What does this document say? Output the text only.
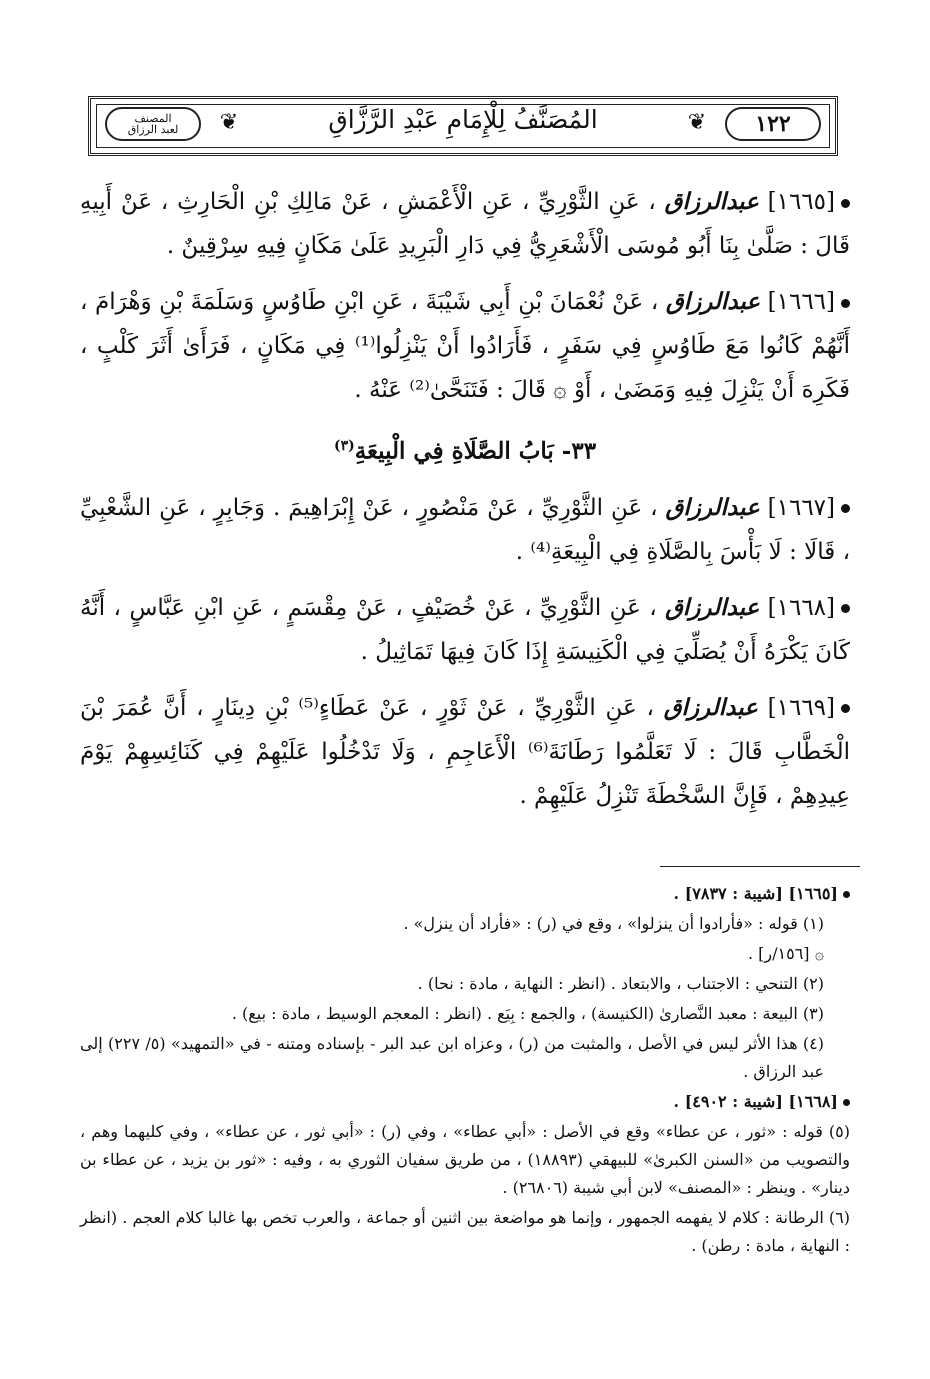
١٢٢
❦
المُصَنَّفُ لِلْإِمَامِ عَبْدِ الرَّزَّاقِ
❦
المصنف
لعبد الرزاق

[١٦٦٥] عبدالرزاق ، عَنِ الثَّوْرِيِّ ، عَنِ الْأَعْمَشِ ، عَنْ مَالِكِ بْنِ الْحَارِثِ ، عَنْ أَبِيهِ قَالَ : صَلَّىٰ بِنَا أَبُو مُوسَى الْأَشْعَرِيُّ فِي دَارِ الْبَرِيدِ عَلَىٰ مَكَانٍ فِيهِ سِرْقِينٌ .

[١٦٦٦] عبدالرزاق ، عَنْ نُعْمَانَ بْنِ أَبِي شَيْبَةَ ، عَنِ ابْنِ طَاوُسٍ وَسَلَمَةَ بْنِ وَهْرَامَ ، أَنَّهُمْ كَانُوا مَعَ طَاوُسٍ فِي سَفَرٍ ، فَأَرَادُوا أَنْ يَنْزِلُوا⁽¹⁾ فِي مَكَانٍ ، فَرَأَىٰ أَثَرَ كَلْبٍ ، فَكَرِهَ أَنْ يَنْزِلَ فِيهِ وَمَضَىٰ ، أَوْ ۞ قَالَ : فَتَنَحَّىٰ⁽²⁾ عَنْهُ .

٣٣- بَابُ الصَّلَاةِ فِي الْبِيعَةِ$^{(٣)}$

[١٦٦٧] عبدالرزاق ، عَنِ الثَّوْرِيِّ ، عَنْ مَنْصُورٍ ، عَنْ إِبْرَاهِيمَ . وَجَابِرٍ ، عَنِ الشَّعْبِيِّ ، قَالَا : لَا بَأْسَ بِالصَّلَاةِ فِي الْبِيعَةِ⁽⁴⁾ .

[١٦٦٨] عبدالرزاق ، عَنِ الثَّوْرِيِّ ، عَنْ خُصَيْفٍ ، عَنْ مِقْسَمٍ ، عَنِ ابْنِ عَبَّاسٍ ، أَنَّهُ كَانَ يَكْرَهُ أَنْ يُصَلِّيَ فِي الْكَنِيسَةِ إِذَا كَانَ فِيهَا تَمَاثِيلُ .

[١٦٦٩] عبدالرزاق ، عَنِ الثَّوْرِيِّ ، عَنْ ثَوْرٍ ، عَنْ عَطَاءٍ⁽⁵⁾ بْنِ دِينَارٍ ، أَنَّ عُمَرَ بْنَ الْخَطَّابِ قَالَ : لَا تَعَلَّمُوا رَطَانَةَ⁽⁶⁾ الْأَعَاجِمِ ، وَلَا تَدْخُلُوا عَلَيْهِمْ فِي كَنَائِسِهِمْ يَوْمَ عِيدِهِمْ ، فَإِنَّ السَّخْطَةَ تَنْزِلُ عَلَيْهِمْ .

[١٦٦٥] [شيبة : ٧٨٣٧] .

(١) قوله : «فأرادوا أن ينزلوا» ، وقع في (ر) : «فأراد أن ينزل» .

۞ [١٥٦/ر] .

(٢) التنحي : الاجتناب ، والابتعاد . (انظر : النهاية ، مادة : نحا) .

(٣) البيعة : معبد النَّصارىٰ (الكنيسة) ، والجمع : بِيَع . (انظر : المعجم الوسيط ، مادة : بيع) .

(٤) هذا الأثر ليس في الأصل ، والمثبت من (ر) ، وعزاه ابن عبد البر - بإسناده ومتنه - في «التمهيد» (٥/ ٢٢٧) إلى عبد الرزاق .

[١٦٦٨] [شيبة : ٤٩٠٢] .

(٥) قوله : «ثور ، عن عطاء» وقع في الأصل : «أبي عطاء» ، وفي (ر) : «أبي ثور ، عن عطاء» ، وفي كليهما وهم ، والتصويب من «السنن الكبرىٰ» للبيهقي (١٨٨٩٣) ، من طريق سفيان الثوري به ، وفيه : «ثور بن يزيد ، عن عطاء بن دينار» . وينظر : «المصنف» لابن أبي شيبة (٢٦٨٠٦) .

(٦) الرطانة : كلام لا يفهمه الجمهور ، وإنما هو مواضعة بين اثنين أو جماعة ، والعرب تخص بها غالبا كلام العجم . (انظر : النهاية ، مادة : رطن) .
